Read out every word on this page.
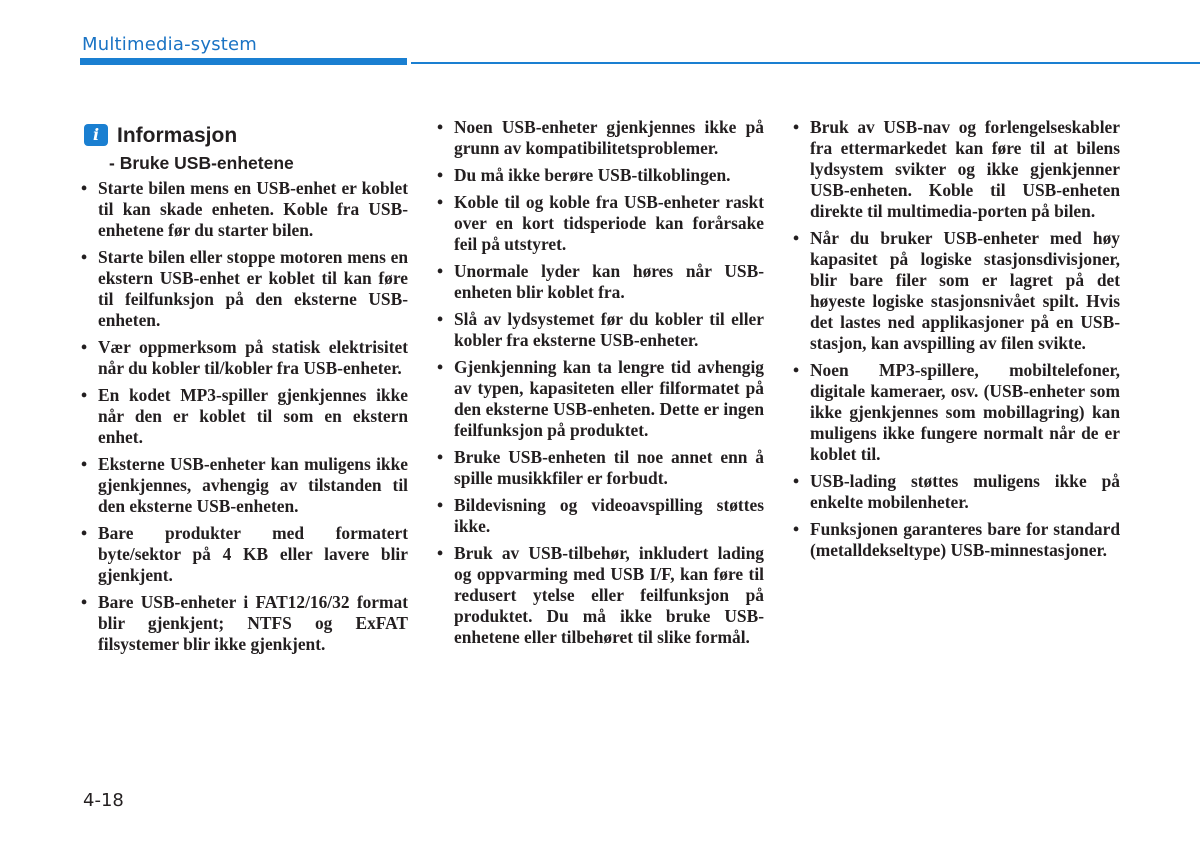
Multimedia-system
i Informasjon
- Bruke USB-enhetene
• Starte bilen mens en USB-enhet er koblet til kan skade enheten. Koble fra USB-enhetene før du starter bilen.
• Starte bilen eller stoppe motoren mens en ekstern USB-enhet er koblet til kan føre til feilfunksjon på den eksterne USB-enheten.
• Vær oppmerksom på statisk elektrisitet når du kobler til/kobler fra USB-enheter.
• En kodet MP3-spiller gjenkjennes ikke når den er koblet til som en ekstern enhet.
• Eksterne USB-enheter kan muligens ikke gjenkjennes, avhengig av tilstanden til den eksterne USB-enheten.
• Bare produkter med formatert byte/sektor på 4 KB eller lavere blir gjenkjent.
• Bare USB-enheter i FAT12/16/32 format blir gjenkjent; NTFS og ExFAT filsystemer blir ikke gjenkjent.
• Noen USB-enheter gjenkjennes ikke på grunn av kompatibilitetsproblemer.
• Du må ikke berøre USB-tilkoblingen.
• Koble til og koble fra USB-enheter raskt over en kort tidsperiode kan forårsake feil på utstyret.
• Unormale lyder kan høres når USB-enheten blir koblet fra.
• Slå av lydsystemet før du kobler til eller kobler fra eksterne USB-enheter.
• Gjenkjenning kan ta lengre tid avhengig av typen, kapasiteten eller filformatet på den eksterne USB-enheten. Dette er ingen feilfunksjon på produktet.
• Bruke USB-enheten til noe annet enn å spille musikkfiler er forbudt.
• Bildevisning og videoavspilling støttes ikke.
• Bruk av USB-tilbehør, inkludert lading og oppvarming med USB I/F, kan føre til redusert ytelse eller feilfunksjon på produktet. Du må ikke bruke USB-enhetene eller tilbehøret til slike formål.
• Bruk av USB-nav og forlengelseskabler fra ettermarkedet kan føre til at bilens lydsystem svikter og ikke gjenkjenner USB-enheten. Koble til USB-enheten direkte til multimedia-porten på bilen.
• Når du bruker USB-enheter med høy kapasitet på logiske stasjonsdivisjoner, blir bare filer som er lagret på det høyeste logiske stasjonsnivået spilt. Hvis det lastes ned applikasjoner på en USB-stasjon, kan avspilling av filen svikte.
• Noen MP3-spillere, mobiltelefoner, digitale kameraer, osv. (USB-enheter som ikke gjenkjennes som mobillagring) kan muligens ikke fungere normalt når de er koblet til.
• USB-lading støttes muligens ikke på enkelte mobilenheter.
• Funksjonen garanteres bare for standard (metalldekseltype) USB-minnestasjoner.
4-18
